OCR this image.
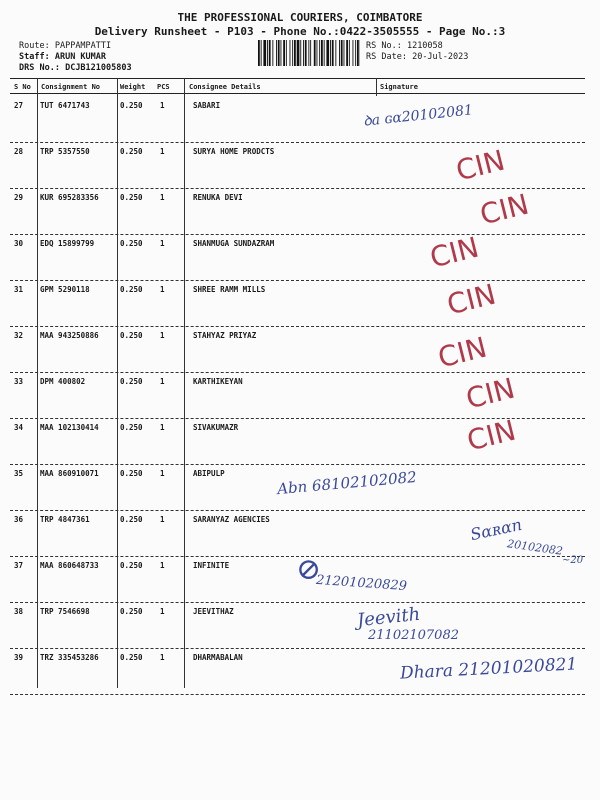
THE PROFESSIONAL COURIERS, COIMBATORE
Delivery Runsheet - P103 - Phone No.:0422-3505555 - Page No.:3
Route: PAPPAMPATTI
Staff: ARUN KUMAR
DRS No.: DCJB121005803
RS No.: 1210058
RS Date: 20-Jul-2023
S No Consignment No	Weight PCS	Consignee Details	Signature
27 TUT 6471743	0.250 1	SABARI
28 TRP 5357550	0.250 1	SURYA HOME PRODCTS
29 KUR 695283356	0.250 1	RENUKA DEVI
30 EDQ 15899799	0.250 1	SHANMUGA SUNDAZRAM
31 GPM 5290118	0.250 1	SHREE RAMM MILLS
32 MAA 943250886	0.250 1	STAHYAZ PRIYAZ
33 DPM 400802	0.250 1	KARTHIKEYAN
34 MAA 102130414	0.250 1	SIVAKUMAZR
35 MAA 860910071	0.250 1	ABIPULP
36 TRP 4847361	0.250 1	SARANYAZ AGENCIES
37 MAA 860648733	0.250 1	INFINITE
38 TRP 7546698	0.250 1	JEEVITHAZ
39 TRZ 335453286	0.250 1	DHARMABALAN
ꝺa ɢɑ20102081
CIN
CIN
CIN
CIN
CIN
CIN
CIN
Abn 68102102082
Sɑʀɑn
20102082
~20
⊘
21201020829
Jeevith
21102107082
Dhara 21201020821
